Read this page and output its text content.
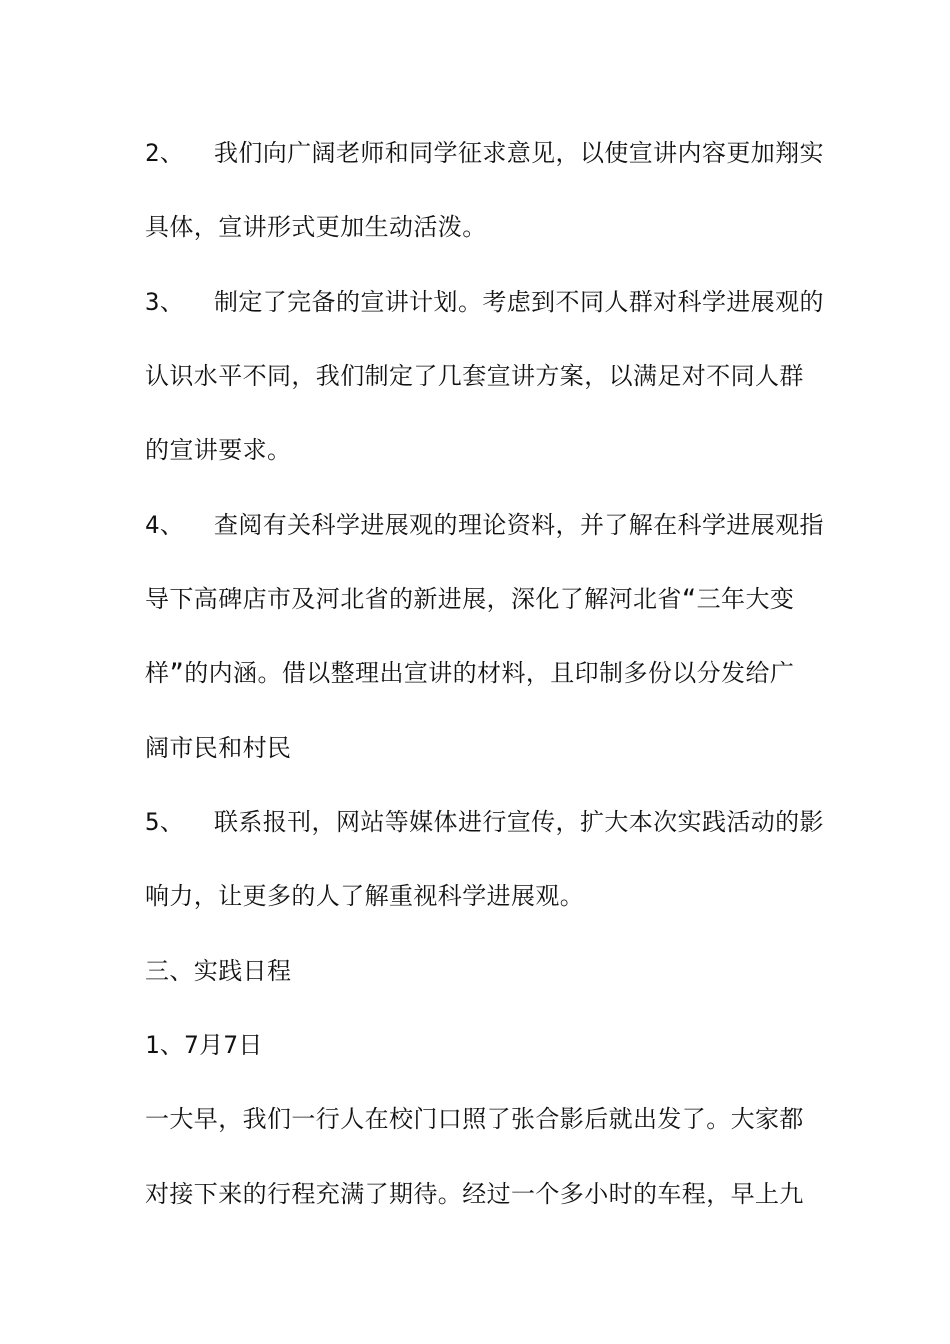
2、  我们向广阔老师和同学征求意见，以使宣讲内容更加翔实
具体，宣讲形式更加生动活泼。
3、  制定了完备的宣讲计划。考虑到不同人群对科学进展观的
认识水平不同，我们制定了几套宣讲方案，以满足对不同人群
的宣讲要求。
4、  查阅有关科学进展观的理论资料，并了解在科学进展观指
导下高碑店市及河北省的新进展，深化了解河北省“三年大变
样”的内涵。借以整理出宣讲的材料，且印制多份以分发给广
阔市民和村民
5、  联系报刊，网站等媒体进行宣传，扩大本次实践活动的影
响力，让更多的人了解重视科学进展观。
三、实践日程
1、7月7日
一大早，我们一行人在校门口照了张合影后就出发了。大家都
对接下来的行程充满了期待。经过一个多小时的车程，早上九
